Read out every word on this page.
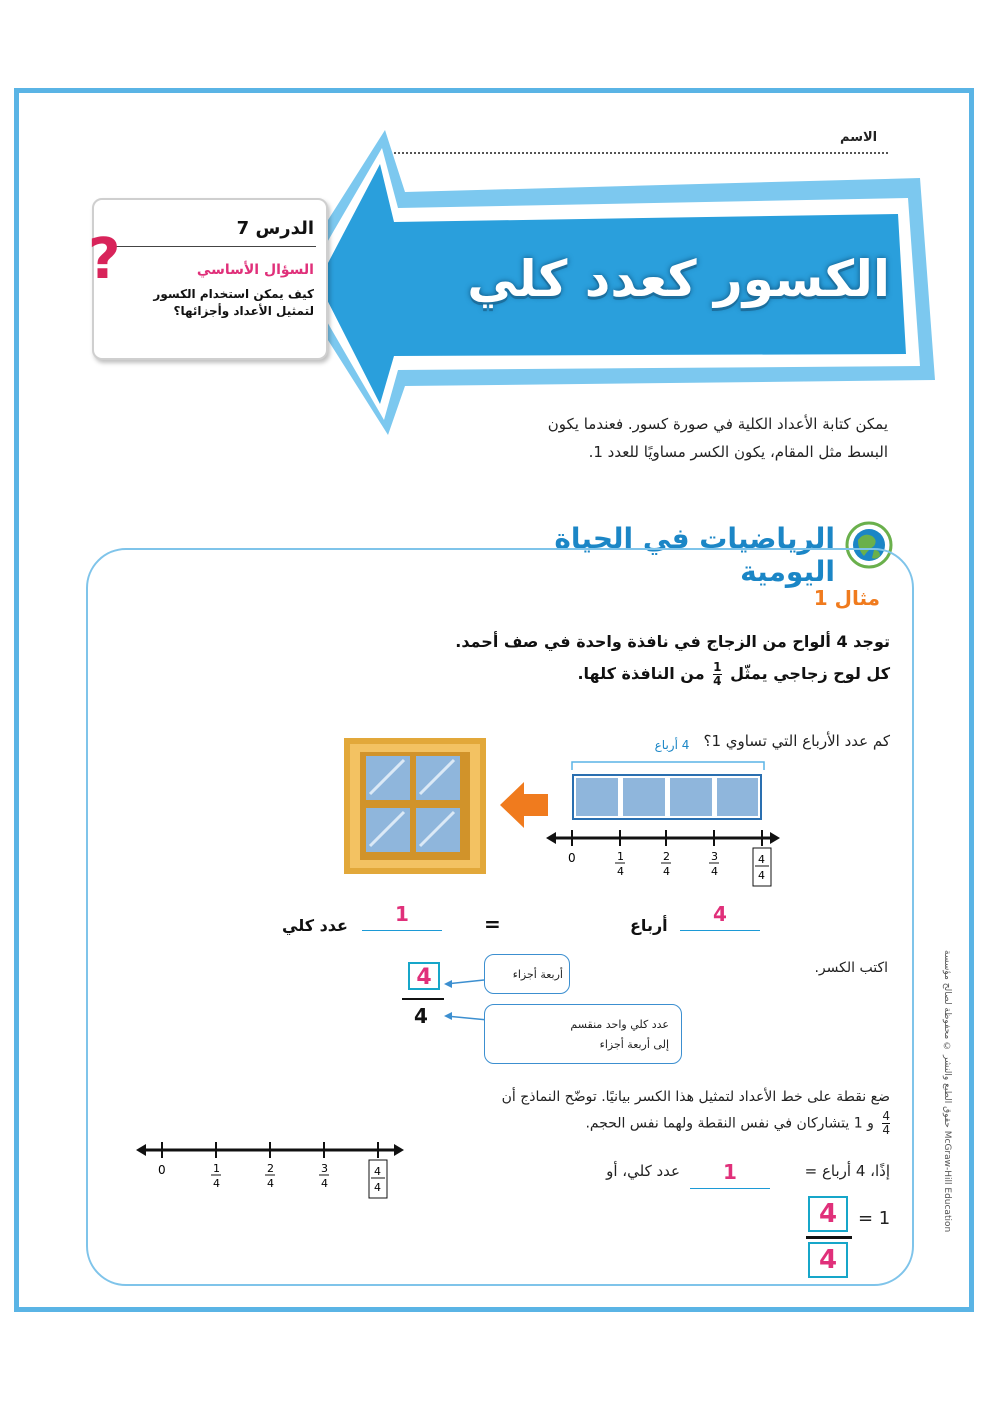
الاسم
الكسور كعدد كلي
الدرس 7
السؤال الأساسي
كيف يمكن استخدام الكسور لتمثيل الأعداد وأجزائها؟
?
يمكن كتابة الأعداد الكلية في صورة كسور. فعندما يكون
البسط مثل المقام، يكون الكسر مساويًا للعدد 1.
الرياضيات في الحياة اليومية
مثال 1
توجد 4 ألواح من الزجاج في نافذة واحدة في صف أحمد.
كل لوح زجاجي يمثّل
$\frac{1}{4}$
من النافذة كلها.
كم عدد الأرباع التي تساوي 1؟
4 أرباع
0	1
4
2
4
3
4
4
4
4
أرباع
=
1
عدد كلي
اكتب الكسر.
4
4
أربعة أجزاء
عدد كلي واحد منقسم
إلى أربعة أجزاء
ضع نقطة على خط الأعداد لتمثيل هذا الكسر بيانيًا. توضّح النماذج أن
$\frac{4}{4}$
و 1 يتشاركان في نفس النقطة ولهما نفس الحجم.
إذًا، 4 أرباع =
1
عدد كلي، أو
4
4
= 1
0	1
4
2
4
3
4
4
4
حقوق الطبع والنشر © محفوظة لصالح مؤسسة McGraw-Hill Education
